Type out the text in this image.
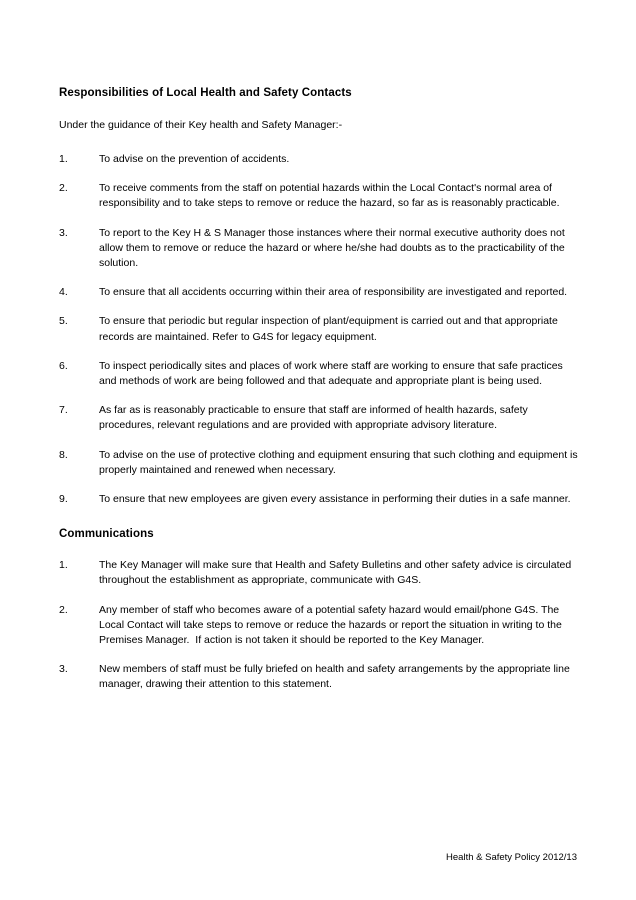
Responsibilities of Local Health and Safety Contacts

Under the guidance of their Key health and Safety Manager:-

1.	To advise on the prevention of accidents.
2.	To receive comments from the staff on potential hazards within the Local Contact's normal area of responsibility and to take steps to remove or reduce the hazard, so far as is reasonably practicable.
3.	To report to the Key H & S Manager those instances where their normal executive authority does not allow them to remove or reduce the hazard or where he/she had doubts as to the practicability of the solution.
4.	To ensure that all accidents occurring within their area of responsibility are investigated and reported.
5.	To ensure that periodic but regular inspection of plant/equipment is carried out and that appropriate records are maintained. Refer to G4S for legacy equipment.
6.	To inspect periodically sites and places of work where staff are working to ensure that safe practices and methods of work are being followed and that adequate and appropriate plant is being used.
7.	As far as is reasonably practicable to ensure that staff are informed of health hazards, safety procedures, relevant regulations and are provided with appropriate advisory literature.
8.	To advise on the use of protective clothing and equipment ensuring that such clothing and equipment is properly maintained and renewed when necessary.
9.	To ensure that new employees are given every assistance in performing their duties in a safe manner.
Communications
1.	The Key Manager will make sure that Health and Safety Bulletins and other safety advice is circulated throughout the establishment as appropriate, communicate with G4S.
2.	Any member of staff who becomes aware of a potential safety hazard would email/phone G4S. The Local Contact will take steps to remove or reduce the hazards or report the situation in writing to the Premises Manager.  If action is not taken it should be reported to the Key Manager.
3.	New members of staff must be fully briefed on health and safety arrangements by the appropriate line manager, drawing their attention to this statement.
Health & Safety Policy 2012/13
